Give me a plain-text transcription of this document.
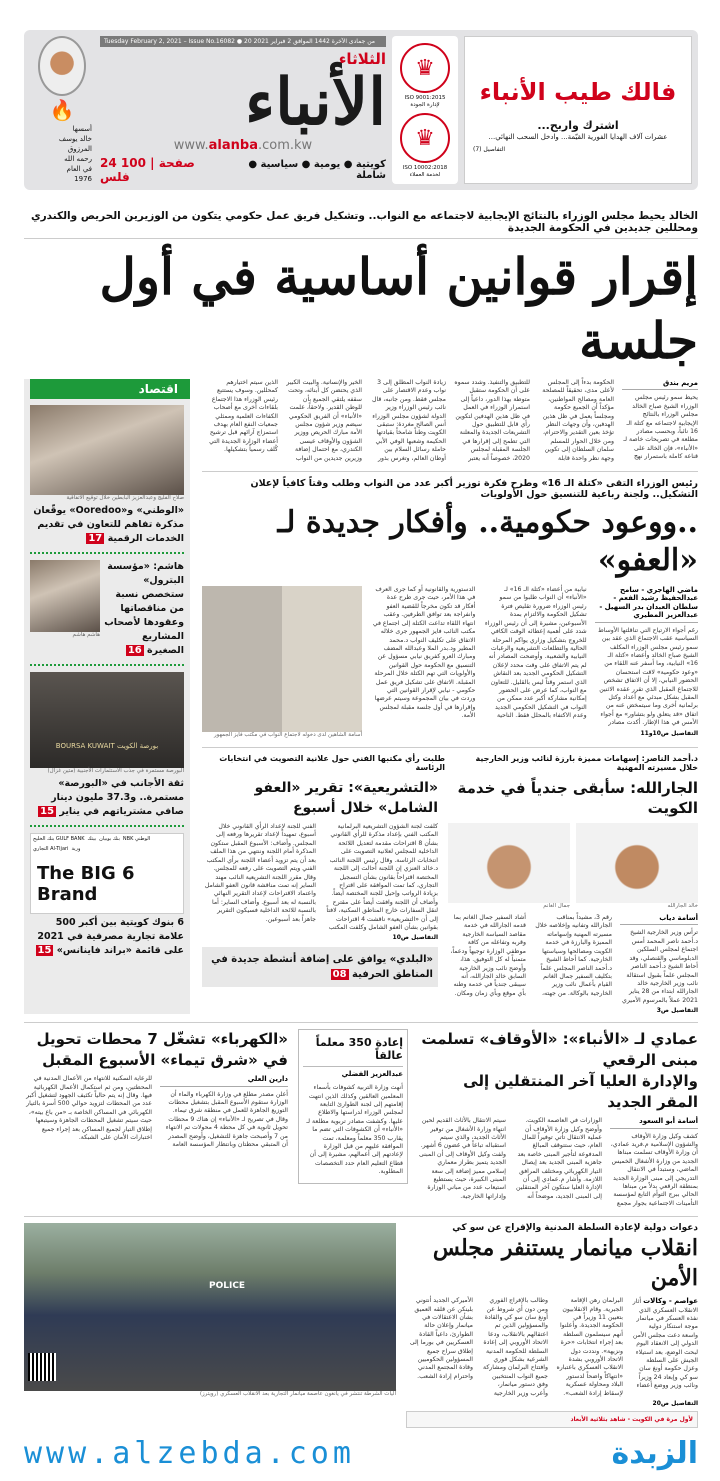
🔥
أسسها
خالد يوسف
المرزوق
رحمه الله
في العام
1976
Tuesday February 2, 2021 – Issue No.16082 ● 20 من جمادى الآخرة 1442 الموافق 2 فبراير 2021
الثلاثاء
الأنباء
www.alanba.com.kw
24 صفحة | 100 فلس
كويتية ● يومية ● سياسية ● شاملة
♛
ISO 9001:2015
لإدارة الجودة
♛
ISO 10002:2018
لخدمة العملاء
فالك طيب الأنباء
اشترك واربح...
عشرات آلاف الهدايا الفورية القيّمة... وادخل السحب النهائي...
التفاصيل (7)
الخالد يحيط مجلس الوزراء بالنتائج الإيجابية لاجتماعه مع النواب.. وتشكيل فريق عمل حكومي يتكون من الوزيرين الحريص والكندري ومحللين جديدين في الحكومة الجديدة
إقرار قوانين أساسية في أول جلسة
مريم بندق
يحيط سمو رئيس مجلس الوزراء الشيخ صباح الخالد مجلس الوزراء بالنتائج الإيجابية لاجتماعه مع كتلة الـ 16 نائباً، وبحسب مصادر مطلعة في تصريحات خاصة لـ «الأنباء»، فإن الخالد على قناعة كاملة باستمرار نهج الحكومة بدءاً إلى المجلس لأعلى مدى، تحقيقاً للمصلحة العامة ومصالح المواطنين، مؤكداً أن الجميع حكومة ومجلساً يعمل في ظل هذين الهدفين، وأن وجهات النظر تؤخذ بعين التقدير والاحترام، ومن خلال الحوار للمسلم سلمان السلطان إلى تكوين وجهة نظر واحدة قابلة للتطبيق والتنفيذ. وشدد سموه على أن الحكومة ستقبل متوطة بهذا الدور، داعياً إلى استمرار الوزراء في العمل في ظل هذين الهدفين لتكوين رأي قابل للتطبيق حول التشريعات الجديدة والمعلنة التي تطمح إلى إقرارها في الجلسة المقبلة لمجلس 2020، خصوصاً أنه يعتبر زيادة النواب المطلق إلى 3 نواب وعدم الاقتصار على مجلس فقط. ومن جانبه، قال نائب رئيس الوزراء وزير الدولة لشؤون مجلس الوزراء أنس الصالح مغردة: ستبقى الكويت وطناً شامخاً بقيادتها الحكيمة وشعبها الوفي الأبي حاملة رسائل السلام بين أوطان العالم، وتغرس بذور الخير والإنسانية. والبيت الكبير الذي يحتضن كل أبنائه، وتحت سقفه يلتقي الجميع بأن للوطن القدير. ولاحقاً، علمت «الأنباء» أن الفريق الحكومي سيضم وزير شؤون مجلس الأمة مبارك الحريص ووزير الشؤون والأوقاف عيسى الكندري، مع احتمال إضافة وزيرين جديدين من النواب الذين سيتم اختيارهم كمحللين. وسوف يستتبع رئيس الوزراء هذا الاجتماع بلقاءات أخرى مع أصحاب الكفاءات العلمية وممثلي جمعيات النفع العام بهدف استمزاج آرائهم قبل ترشيح أعضاء الوزارة الجديدة التي كُلف رسمياً بتشكيلها.
رئيس الوزراء التقى «كتلة الـ 16» وطرح فكرة توزير أكبر عدد من النواب وطلب وقتاً كافياً لإعلان التشكيل.. ولجنة رباعية للتنسيق حول الأولويات
..ووعود حكومية.. وأفكار جديدة لـ «العفو»
ماضي الهاجري - سامح عبدالحفيظ رشيد الفعم - سلطان العبدان بدر السهيل - عبدالعزيز المطيري
رغم أجواء الارتياح التي تناقلتها الأوساط السياسية عقب الاجتماع الذي عقد بين سمو رئيس مجلس الوزراء المكلف الشيخ صباح الخالد وأعضاء «كتلة الـ 16» النيابية، وما أسفر عنه اللقاء من «وعود حكومية» لاقت استحسان الحضور النيابي، إلا أن الاتفاق تشخص للاجتماع المقبل الذي تقرر عقده الاثنين المقبل بشكل مبدئي مع أعداد وكتل برلمانية أخرى وما سيتمخض عنه من اتفاق «قد يتعلق ولو بتشاور» مع أجواء الأمس في هذا الإطار. أكدت مصادر نيابية من أعضاء «كتلة الـ 16» لـ «الأنباء» أن النواب طلبوا من سمو رئيس الوزراء ضرورة تقليص فترة تشكيل الحكومة والالتزام بمدة الأسبوعين، مشيرة إلى أن رئيس الوزراء شدد على أهمية إعطائه الوقت الكافي للخروج بتشكيل وزاري يواكم المرحلة الحالية والتطلعات التشريعية والرغبات النيابية والشعبية. وأوضحت المصادر أنه لم يتم الاتفاق على وقت محدد لإعلان التشكيل الحكومي الجديد بعد النقاش الذي استمر وقتاً ليس بالقليل. للتعاون مع النواب، كما عرض على الحضور إمكانية مشاركة أكبر عدد ممكن من النواب في التشكيل الحكومي الجديد وعدم الاكتفاء بالمحلل فقط. الناحية الدستورية والقانونية أو كما جرى العرف في هذا الأمر، حيث جرى طرح عدة أفكار قد تكون مخرجاً للقضية العفو وانفراجة بعد توافق الطرفين. وعقب انتهاء اللقاء تداعت الكتلة إلى اجتماع في مكتب النائب فايز الجمهور جرى خلاله الاتفاق على تكليف النواب د.محمد المطير ود.بدر الملا وعبدالله المضف ومبارك العرو كفريق نيابي مسؤول عن التنسيق مع الحكومة حول القوانين والأولويات التي تهم الكتلة خلال المرحلة المقبلة. الاتفاق على تشكيل فريق عمل حكومي - نيابي لإقرار القوانين التي وردت في بيان المجموعة وسيتم عرضها وإقرارها في أول جلسة مقبلة لمجلس الأمة.
التفاصيل ص10و11
أسامة الشاهين لدى دخوله لاجتماع النواب في مكتب فايز الجمهور
د.أحمد الناصر: إسهامات مميزة بارزة لنائب وزير الخارجية خلال مسيرته المهنية
طلبت رأي مكتبها الفني حول علانية التصويت في انتخابات الرئاسة
الجارالله: سأبقى جندياً في خدمة الكويت
خالد الجارالله
جمال الغانم
أسامة دياب
ترأس وزير الخارجية الشيخ د.أحمد ناصر المحمد أمس اجتماع لمجلس السلكين الدبلوماسي والقنصلي، وقد أحاط الشيخ د.أحمد الناصر المجلس علماً بقبول استقالة نائب وزير الخارجية خالد الجارالله ابتداء من 28 يناير 2021 عملاً بالمرسوم الأميري رقم 3، مشيداً بمناقب الجارالله وتفانيه وإخلاصه خلال مسيرته المهنية وإسهاماته المميزة والبارزة في خدمة الكويت ومصالحها وسياستها الخارجية. كما أحاط الشيخ د.أحمد الناصر المجلس علماً بتكليف السفير جمال الغانم القيام بأعمال نائب وزير الخارجية بالوكالة. من جهته، أشاد السفير جمال الغانم بما قدمه الجارالله في خدمة مقاصد السياسة الخارجية وقربه وتفاعله من كافة موظفي الوزارة توجيهاً ودعماً، متمنياً له كل التوفيق. هذا، وأوضح نائب وزير الخارجية السابق خالد الجارالله، أنه سيبقى جندياً في خدمة وطنه بأي موقع وبأي زمان ومكان.
التفاصيل ص3
«التشريعية»: تقرير «العفو الشامل» خلال أسبوع
كلفت لجنة الشؤون التشريعية البرلمانية المكتب الفني بإعداد مذكرة للرأي القانوني بشأن 8 اقتراحات مقدمة لتعديل اللائحة الداخلية للمجلس لعلانية التصويت على انتخابات الرئاسة. وقال رئيس اللجنة النائب د.خالد العنزي إن اللجنة أحالت إلى اللجنة المختصة اقتراحاً بقانون بشأن التسجيل التجاري، كما تمت الموافقة على اقتراح بزيادة الرواتب وإحيل للجنة المختصة أيضاً. وأضاف أن اللجنة وافقت أيضاً على مقترح لنقل السفارات خارج المناطق السكنية، لافتاً إلى أن «التشريعية» ناقشت 4 اقتراحات بقوانين بشأن العفو الشامل وكلفت المكتب الفني للجنة لإعداد الرأي القانوني خلال أسبوع، تمهيداً لإعداد تقريرها ورفعه إلى المجلس. وأضاف: الأسبوع المقبل ستكون المذكرة أمام اللجنة وننتهي من هذا الملف بعد أن يتم تزويد أعضاء اللجنة برأي المكتب الفني ويتم التصويت على رفعه للمجلس. وقال مقرر اللجنة التشريعية النائب مهند الساير إنه تمت مناقشة قانون العفو الشامل واعتماد الاقتراحات لإعداد التقرير النهائي بالنسبة له بعد أسبوع. وأضاف الساير: أما بالنسبة للائحة الداخلية فسيكون التقرير جاهزاً بعد أسبوعين.
التفاصيل ص10
«البلدي» يوافق على إضافة أنشطة جديدة في المناطق الحرفية 08
اقتصاد
صلاح الفليج وعبدالعزيز البابطين خلال توقيع الاتفاقية
«الوطني» و«Ooredoo» يوقّعان مذكرة تفاهم للتعاون في تقديم الخدمات الرقمية 17
هاشم: «مؤسسة البترول» ستخصص نسبة من مناقصاتها وعقودها لأصحاب المشاريع الصغيرة 16
هاشم هاشم
بورصة الكويت BOURSA KUWAIT
البورصة مستمرة في جذب الاستثمارات الأجنبية (متين غزال)
ثقة الأجانب في «البورصة» مستمرة.. و37.3 مليون دينار صافي مشترياتهم في يناير 15
بنك الخليج GULF BANK بيتك بنك بوبيان NBK الوطني
التجاري Al-Tijari وربة
The BIG 6 Brand
6 بنوك كويتية بين أكبر 500 علامة تجارية مصرفية في 2021 على قائمة «براند فاينانس» 15
عمادي لـ «الأنباء»: «الأوقاف» تسلمت مبنى الرقعي
والإدارة العليا آخر المنتقلين إلى المقر الجديد
أسامة أبو السعود
كشف وكيل وزارة الأوقاف والشؤون الإسلامية م.فريد عمادي، أن وزارة الأوقاف تسلمت مبناها الجديد من وزارة الأشغال الخميس الماضي، وستبدأ في الانتقال التدريجي إلى مبنى الوزارة الجديد بمنطقة الرقعي بدلاً من مبناها الحالي ببرج التوأم التابع لمؤسسة التأمينات الاجتماعية بجوار مجمع الوزارات في العاصمة الكويت. وأوضح وكيل وزارة الأوقاف أن عملية الانتقال تأتي توفيراً للمال العام، حيث ستتوقف المبالغ المدفوعة لتأجير المبنى خاصة بعد جاهزية المبنى الجديد بعد إيصال التيار الكهربائي ومختلف المرافق اللازمة. وأشار م.عمادي إلى أن الإدارة العليا ستكون آخر المنتقلين إلى المبنى الجديد، موضحاً أنه سيتم الانتقال بالأثاث القديم لحين انتهاء وزارة الأشغال من توفير الأثاث الجديد، والذي سيتم استقباله تباعاً في غضون 6 أشهر. ولفت وكيل الأوقاف إلى أن المبنى الجديد يتميز بطراز معماري إسلامي مميز إضافة إلى سعة المبنى الكبيرة، حيث يستطيع استيعاب عدد من مباني الوزارة وإداراتها الخارجية.
إعادة 350 معلماً عالقاً
عبدالعزيز الفضلي
أنهت وزارة التربية كشوفات بأسماء المعلمين العالقين وكذلك الذين انتهت إقامتهم إلى لجنة الطوارئ التابعة لمجلس الوزراء لدراستها والاطلاع عليها. وكشفت مصادر تربوية مطلعة لـ «الأنباء» أن الكشوفات التي تضم ما يقارب 350 معلماً ومعلمة، تمت الموافقة عليهم من قبل الوزارة لإعادتهم إلى أعمالهم، مشيرة إلى أن قطاع التعليم العام حدد التخصصات المطلوبة.
«الكهرباء» تشغّل 7 محطات تحويل
في «شرق تيماء» الأسبوع المقبل
دارين العلي
أعلن مصدر مطلع في وزارة الكهرباء والماء أن الوزارة ستقوم الأسبوع المقبل بتشغيل محطات التوزيع الجاهزة للعمل في منطقة شرق تيماء. وقال في تصريح لـ «الأنباء» إن هناك 9 محطات تحويل ثانوية في كل محطة 4 محولات تم الانتهاء من 7 وأصبحت جاهزة للتشغيل، وأوضح المصدر أن المتبقي محطتان وبانتظار المؤسسة العامة للرعاية السكنية للانتهاء من الأعمال المدنية في المحطتين، ومن ثم استكمال الأعمال الكهربائية فيها. وقال إنه يتم حالياً تكثيف الجهود لتشغيل أكبر عدد من المحطات لتزويد حوالي 500 أسرة بالتيار الكهربائي في المساكن الخاصة بـ «من باع بيته»، حيث سيتم تشغيل المحطات الجاهزة وسيتبعها إطلاق التيار لجميع المساكن بعد إجراء جميع اختبارات الأمان على الشبكة.
دعوات دولية لإعادة السلطة المدنية والإفراج عن سو كي
انقلاب ميانمار يستنفر مجلس الأمن
عواصم - وكالات أثار الانقلاب العسكري الذي نفذه العسكر في ميانمار موجة استنكار دولية واسعة دعت مجلس الأمن الدولي إلى الانعقاد اليوم لبحث الوضع، بعد استيلاء الجيش على السلطة وعزل حكومة أونغ سان سو كي وإبعاد 24 وزيراً ونائب وزير ووضع أعضاء البرلمان رهن الإقامة الجبرية. وقام الانقلابيون بتعيين 11 وزيراً في الحكومة الجديدة. وأعلنوا أنهم سيسلمون السلطة بعد إجراء انتخابات «حرة ونزيهة». ونددت دول الاتحاد الأوروبي بشدة الانقلاب العسكري باعتباره «انتهاكاً واضحاً لدستور البلاد ومحاولة عسكرية لإسقاط إرادة الشعب». وطالب بالإفراج الفوري ومن دون أي شروط عن أونغ سان سو كي والقادة والمسؤولين الذين تم اعتقالهم بالانقلاب، ودعا الاتحاد الأوروبي إلى إعادة السلطة للحكومة المدنية الشرعية بشكل فوري وافتتاح البرلمان ومشاركة جميع النواب المنتخبين وفق دستور ميانمار، وأعرب وزير الخارجية الأميركي الجديد أنتوني بلينكن عن قلقه العميق بشأن الاعتقالات في ميانمار وإعلان حالة الطوارئ، داعياً القادة العسكريين في بورما إلى إطلاق سراح جميع المسؤولين الحكوميين وقادة المجتمع المدني واحترام إرادة الشعب.
التفاصيل ص20
لأول مرة في الكويت - شاهد بثلاثية الأبعاد
POLICE
آليات الشرطة تنتشر في يانغون عاصمة ميانمار التجارية بعد الانقلاب العسكري (رويترز)
www.alzebda.com	الزبدة
